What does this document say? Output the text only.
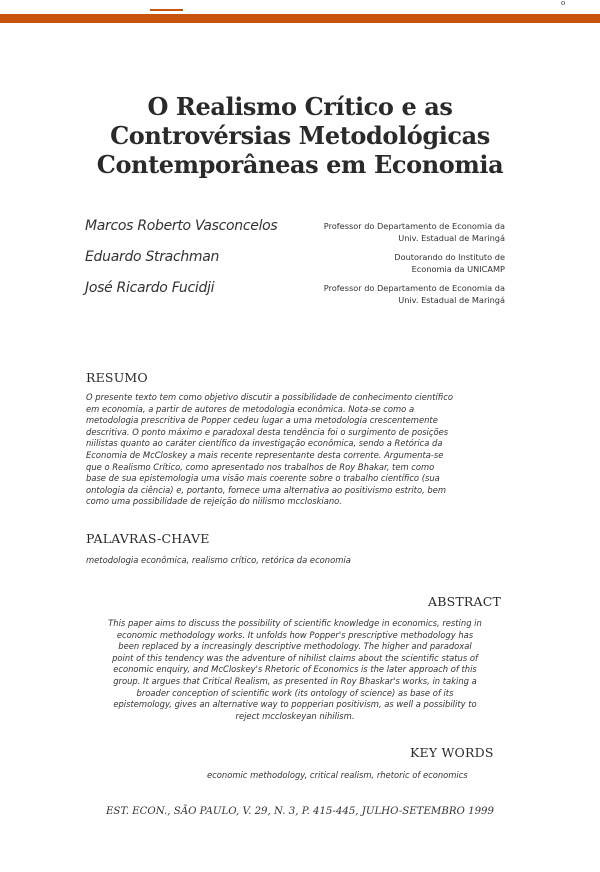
ō
O Realismo Crítico e as
Controvérsias Metodológicas
Contemporâneas em Economia
Marcos Roberto Vasconcelos	Professor do Departamento de Economia da
Univ. Estadual de Maringá
Eduardo Strachman	Doutorando do Instituto de
Economia da UNICAMP
José Ricardo Fucidji	Professor do Departamento de Economia da
Univ. Estadual de Maringá
RESUMO
O presente texto tem como objetivo discutir a possibilidade de conhecimento científico
em economia, a partir de autores de metodologia econômica. Nota-se como a
metodologia prescritiva de Popper cedeu lugar a uma metodologia crescentemente
descritiva. O ponto máximo e paradoxal desta tendência foi o surgimento de posições
niilistas quanto ao caráter científico da investigação econômica, sendo a Retórica da
Economia de McCloskey a mais recente representante desta corrente. Argumenta-se
que o Realismo Crítico, como apresentado nos trabalhos de Roy Bhakar, tem como
base de sua epistemologia uma visão mais coerente sobre o trabalho científico (sua
ontologia da ciência) e, portanto, fornece uma alternativa ao positivismo estrito, bem
como uma possibilidade de rejeição do niilismo mccloskiano.
PALAVRAS-CHAVE
metodologia econômica, realismo crítico, retórica da economia
ABSTRACT
This paper aims to discuss the possibility of scientific knowledge in economics, resting in
economic methodology works. It unfolds how Popper's prescriptive methodology has
been replaced by a increasingly descriptive methodology. The higher and paradoxal
point of this tendency was the adventure of nihilist claims about the scientific status of
economic enquiry, and McCloskey's Rhetoric of Economics is the later approach of this
group. It argues that Critical Realism, as presented in Roy Bhaskar's works, in taking a
broader conception of scientific work (its ontology of science) as base of its
epistemology, gives an alternative way to popperian positivism, as well a possibility to
reject mccloskeyan nihilism.
KEY WORDS
economic methodology, critical realism, rhetoric of economics
EST. ECON., SÃO PAULO, V. 29, N. 3, P. 415-445, JULHO-SETEMBRO 1999
